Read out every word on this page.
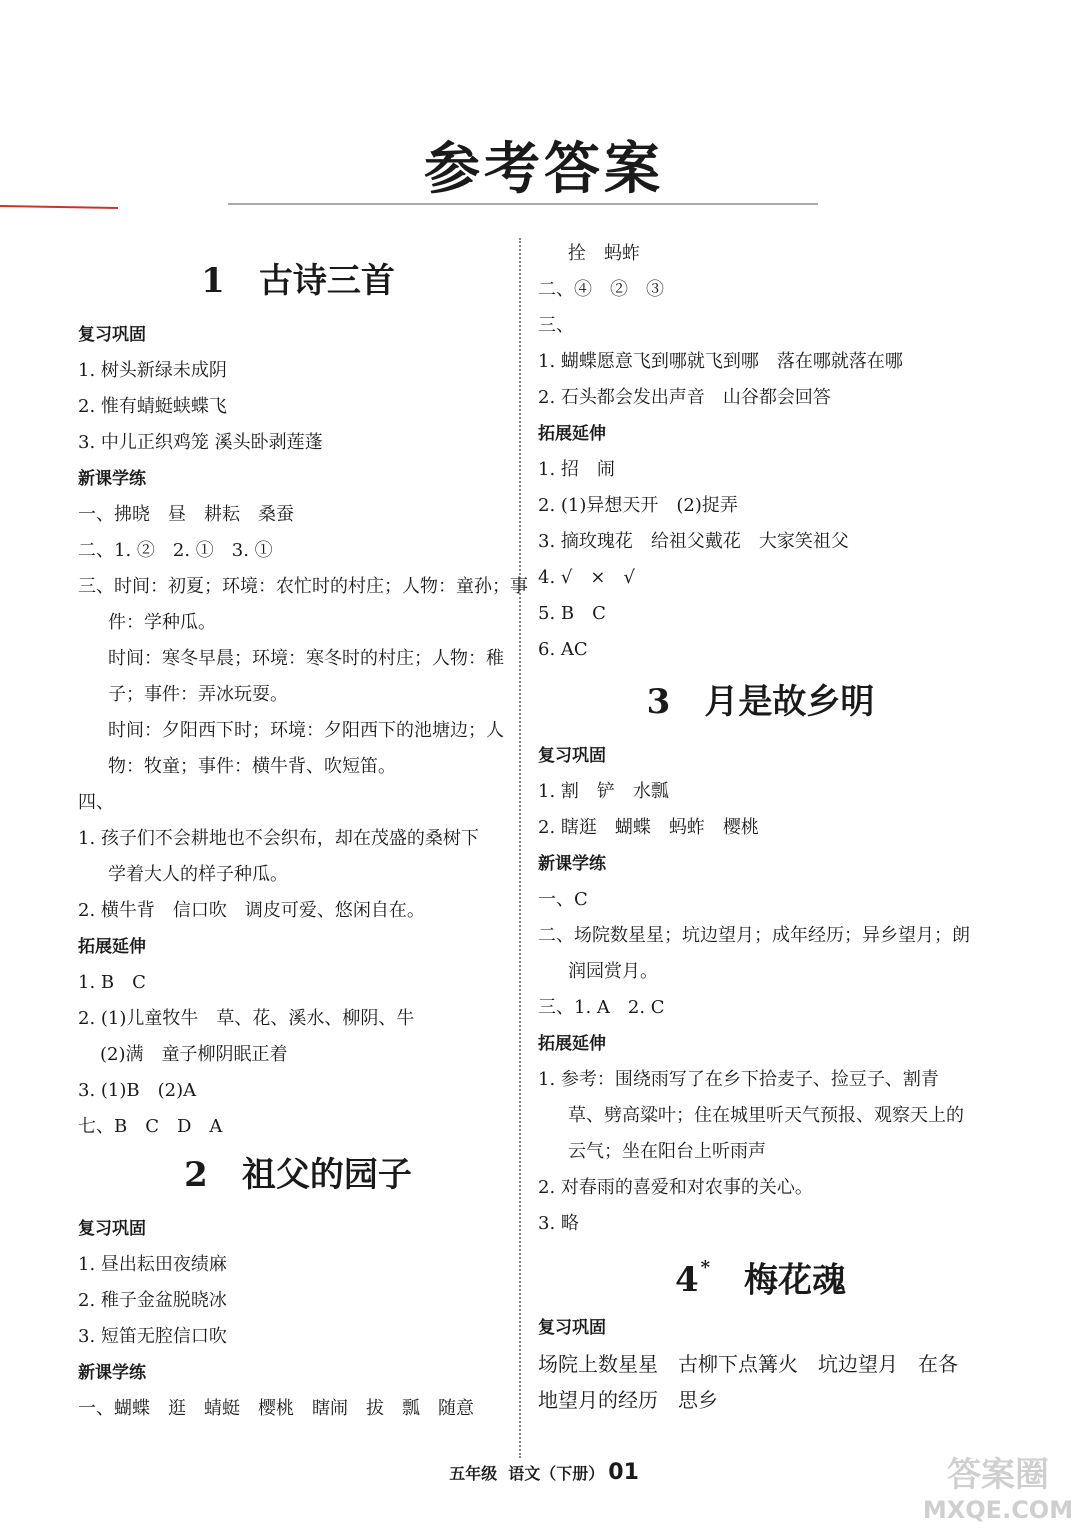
参考答案
1 古诗三首
复习巩固
1. 树头新绿未成阴
2. 惟有蜻蜓蛱蝶飞
3. 中儿正织鸡笼 溪头卧剥莲蓬
新课学练
一、拂晓　昼　耕耘　桑蚕
二、1. ②　2. ①　3. ①
三、时间：初夏；环境：农忙时的村庄；人物：童孙；事
件：学种瓜。
时间：寒冬早晨；环境：寒冬时的村庄；人物：稚
子；事件：弄冰玩耍。
时间：夕阳西下时；环境：夕阳西下的池塘边；人
物：牧童；事件：横牛背、吹短笛。
四、
1. 孩子们不会耕地也不会织布，却在茂盛的桑树下
学着大人的样子种瓜。
2. 横牛背　信口吹　调皮可爱、悠闲自在。
拓展延伸
1. B　C
2. (1)儿童牧牛　草、花、溪水、柳阴、牛
(2)满　童子柳阴眠正着
3. (1)B　(2)A
七、B　C　D　A
2 祖父的园子
复习巩固
1. 昼出耘田夜绩麻
2. 稚子金盆脱晓冰
3. 短笛无腔信口吹
新课学练
一、蝴蝶　逛　蜻蜓　樱桃　瞎闹　拔　瓢　随意
拴　蚂蚱
二、④　②　③
三、
1. 蝴蝶愿意飞到哪就飞到哪　落在哪就落在哪
2. 石头都会发出声音　山谷都会回答
拓展延伸
1. 招　闹
2. (1)异想天开　(2)捉弄
3. 摘玫瑰花　给祖父戴花　大家笑祖父
4. √　×　√
5. B　C
6. AC
3 月是故乡明
复习巩固
1. 割　铲　水瓢
2. 瞎逛　蝴蝶　蚂蚱　樱桃
新课学练
一、C
二、场院数星星；坑边望月；成年经历；异乡望月；朗
润园赏月。
三、1. A　2. C
拓展延伸
1. 参考：围绕雨写了在乡下拾麦子、捡豆子、割青
草、劈高粱叶；住在城里听天气预报、观察天上的
云气；坐在阳台上听雨声
2. 对春雨的喜爱和对农事的关心。
3. 略
4 * 梅花魂
复习巩固
场院上数星星　古柳下点篝火　坑边望月　在各
地望月的经历　思乡
五年级 语文（下册） 01	答案圈
MXQE.COM
